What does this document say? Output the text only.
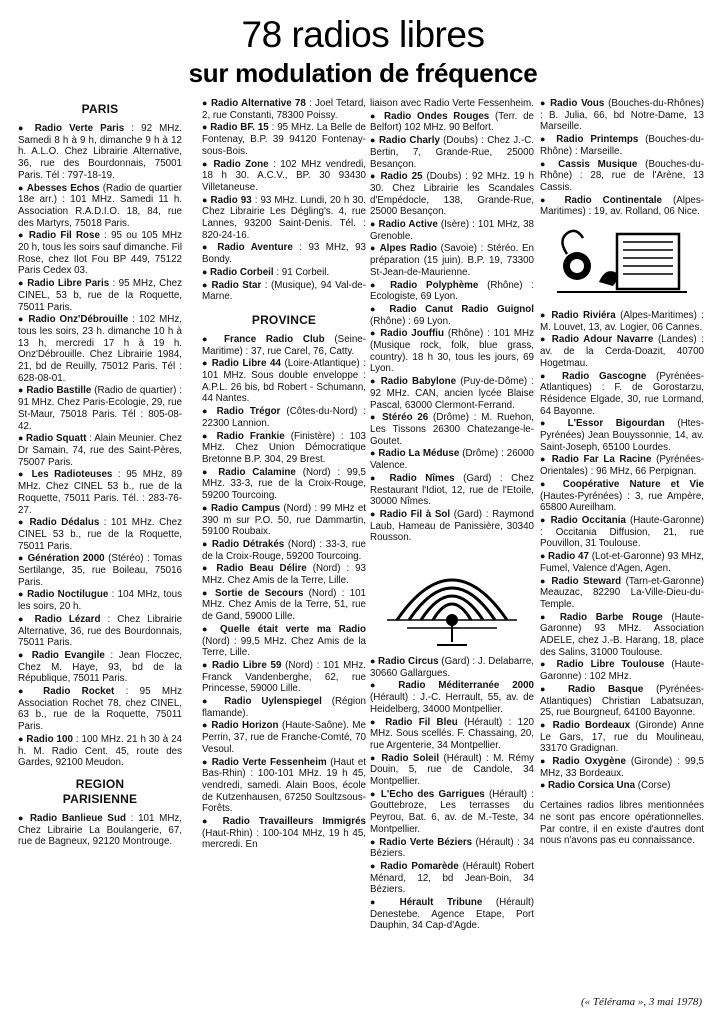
78 radios libres
sur modulation de fréquence
PARIS
● Radio Verte Paris : 92 MHz. Samedi 8 h à 9 h, dimanche 9 h à 12 h. A.L.O. Chez Librairie Alternative, 36, rue des Bourdonnais, 75001 Paris. Tél : 797-18-19.
● Abesses Echos (Radio de quartier 18e arr.) : 101 MHz. Samedi 11 h. Association R.A.D.I.O. 18, 84, rue des Martyrs, 75018 Paris.
● Radio Fil Rose : 95 ou 105 MHz 20 h, tous les soirs sauf dimanche. Fil Rose, chez Ilot Fou BP 449, 75122 Paris Cedex 03.
● Radio Libre Paris : 95 MHz, Chez CINEL, 53 b, rue de la Roquette, 75011 Paris.
● Radio Onz'Débrouille : 102 MHz, tous les soirs, 23 h. dimanche 10 h à 13 h, mercredi 17 h à 19 h. Onz'Débrouille. Chez Librairie 1984, 21, bd de Reuilly, 75012 Paris. Tél : 628-08-01.
● Radio Bastille (Radio de quartier) : 91 MHz. Chez Paris-Ecologie, 29, rue St-Maur, 75018 Paris. Tél : 805-08-42.
● Radio Squatt : Alain Meunier. Chez Dr Samain, 74, rue des Saint-Pères, 75007 Paris.
● Les Radioteuses : 95 MHz, 89 MHz. Chez CINEL 53 b., rue de la Roquette, 75011 Paris. Tél. : 283-76-27.
● Radio Dédalus : 101 MHz. Chez CINEL 53 b., rue de la Roquette, 75011 Paris.
● Génération 2000 (Stéréo) : Tomas Sertilange, 35, rue Boileau, 75016 Paris.
● Radio Noctilugue : 104 MHz, tous les soirs, 20 h.
● Radio Lézard : Chez Librairie Alternative, 36, rue des Bourdonnais, 75011 Paris.
● Radio Evangile : Jean Floczec, Chez M. Haye, 93, bd de la République, 75011 Paris.
● Radio Rocket : 95 MHz Association Rochet 78, chez CINEL, 63 b., rue de la Roquette, 75011 Paris.
● Radio 100 : 100 MHz. 21 h 30 à 24 h. M. Radio Cent. 45, route des Gardes, 92100 Meudon.
REGION
PARISIENNE
● Radio Banlieue Sud : 101 MHz, Chez Librairie La Boulangerie, 67, rue de Bagneux, 92120 Montrouge.
● Radio Alternative 78 : Joel Tetard, 2, rue Constanti, 78300 Poissy.
● Radio BF. 15 : 95 MHz. La Belle de Fontenay, B.P. 39 94120 Fontenay-sous-Bois.
● Radio Zone : 102 MHz vendredi, 18 h 30. A.C.V., BP. 30 93430 Villetaneuse.
● Radio 93 : 93 MHz. Lundi, 20 h 30. Chez Librairie Les Dégling's. 4, rue Lannes, 93200 Saint-Denis. Tél. : 820-24-16.
● Radio Aventure : 93 MHz, 93 Bondy.
● Radio Corbeil : 91 Corbeil.
● Radio Star : (Musique), 94 Val-de-Marne.
PROVINCE
● France Radio Club (Seine-Maritime) : 37, rue Carel, 76, Catty.
● Radio Libre 44 (Loire-Atlantique) : 101 MHz. Sous double enveloppe : A.P.L. 26 bis, bd Robert - Schumann, 44 Nantes.
● Radio Trégor (Côtes-du-Nord) : 22300 Lannion.
● Radio Frankie (Finistère) : 103 MHz. Chez Union Démocratique Bretonne B.P. 304, 29 Brest.
● Radio Calamine (Nord) : 99,5 MHz. 33-3, rue de la Croix-Rouge, 59200 Tourcoing.
● Radio Campus (Nord) : 99 MHz et 390 m sur P.O. 50, rue Dammartin, 59100 Roubaix.
● Radio Détrakés (Nord) : 33-3, rue de la Croix-Rouge, 59200 Tourcoing.
● Radio Beau Délire (Nord) : 93 MHz. Chez Amis de la Terre, Lille.
● Sortie de Secours (Nord) : 101 MHz. Chez Amis de la Terre, 51, rue de Gand, 59000 Lille.
● Quelle était verte ma Radio (Nord) : 99,5 MHz. Chez Amis de la Terre, Lille.
● Radio Libre 59 (Nord) : 101 MHz. Franck Vandenberghe, 62, rue Princesse, 59000 Lille.
● Radio Uylenspiegel (Région flamande).
● Radio Horizon (Haute-Saône). Me Perrin, 37, rue de Franche-Comté, 70 Vesoul.
● Radio Verte Fessenheim (Haut et Bas-Rhin) : 100-101 MHz. 19 h 45, vendredi, samedi. Alain Boos, école de Kutzenhausen, 67250 Soultzsous-Forêts.
● Radio Travailleurs Immigrés (Haut-Rhin) : 100-104 MHz, 19 h 45, mercredi. En
liaison avec Radio Verte Fessenheim.
● Radio Ondes Rouges (Terr. de Belfort) 102 MHz. 90 Belfort.
● Radio Charly (Doubs) : Chez J.-C. Bertin, 7, Grande-Rue, 25000 Besançon.
● Radio 25 (Doubs) : 92 MHz. 19 h 30. Chez Librairie les Scandales d'Empédocle, 138, Grande-Rue, 25000 Besançon.
● Radio Active (Isère) : 101 MHz, 38 Grenoble.
● Alpes Radio (Savoie) : Stéréo. En préparation (15 juin). B.P. 19, 73300 St-Jean-de-Maurienne.
● Radio Polyphème (Rhône) : Ecologiste, 69 Lyon.
● Radio Canut Radio Guignol (Rhône) : 69 Lyon.
● Radio Jouffiu (Rhône) : 101 MHz (Musique rock, folk, blue grass, country). 18 h 30, tous les jours, 69 Lyon.
● Radio Babylone (Puy-de-Dôme) : 92 MHz. CAN, ancien lycée Blaise Pascal, 63000 Clermont-Ferrand.
● Stéréo 26 (Drôme) : M. Ruehon, Les Tissons 26300 Chatezange-le-Goutet.
● Radio La Méduse (Drôme) : 26000 Valence.
● Radio Nîmes (Gard) : Chez Restaurant l'Idiot, 12, rue de l'Etoile, 30000 Nîmes.
● Radio Fil à Sol (Gard) : Raymond Laub, Hameau de Panissière, 30340 Rousson.
● Radio Circus (Gard) : J. Delabarre, 30660 Gallargues.
● Radio Méditerranée 2000 (Hérault) : J.-C. Herrault, 55, av. de Heidelberg, 34000 Montpellier.
● Radio Fil Bleu (Hérault) : 120 MHz. Sous scellés. F. Chassaing, 20, rue Argenterie, 34 Montpellier.
● Radio Soleil (Hérault) : M. Rémy Douin, 5, rue de Candole, 34 Montpellier.
● L'Echo des Garrigues (Hérault) : Gouttebroze, Les terrasses du Peyrou, Bat. 6, av. de M.-Teste, 34 Montpellier.
● Radio Verte Béziers (Hérault) : 34 Béziers.
● Radio Pomarède (Hérault) Robert Ménard, 12, bd Jean-Boin, 34 Béziers.
● Hérault Tribune (Hérault) Denestebe. Agence Etape, Port Dauphin, 34 Cap-d'Agde.
● Radio Vous (Bouches-du-Rhônes) : B. Julia, 66, bd Notre-Dame, 13 Marseille.
● Radio Printemps (Bouches-du-Rhône) : Marseille.
● Cassis Musique (Bouches-du-Rhône) : 28, rue de l'Arène, 13 Cassis.
● Radio Continentale (Alpes-Maritimes) : 19, av. Rolland, 06 Nice.
● Radio Riviéra (Alpes-Maritimes) : M. Louvet, 13, av. Logier, 06 Cannes.
● Radio Adour Navarre (Landes) : av. de la Cerda-Doazit, 40700 Hogetmau.
● Radio Gascogne (Pyrénées-Atlantiques) : F. de Gorostarzu, Résidence Elgade, 30, rue Lormand, 64 Bayonne.
● L'Essor Bigourdan (Htes-Pyrénées) Jean Bouyssonnie, 14, av. Saint-Joseph, 65100 Lourdes.
● Radio Far La Racine (Pyrénées-Orientales) : 96 MHz, 66 Perpignan.
● Coopérative Nature et Vie (Hautes-Pyrénées) : 3, rue Ampère, 65800 Aureilham.
● Radio Occitania (Haute-Garonne) : Occitania Diffusion, 21, rue Pouvillon, 31 Toulouse.
● Radio 47 (Lot-et-Garonne) 93 MHz, Fumel, Valence d'Agen, Agen.
● Radio Steward (Tarn-et-Garonne) Meauzac, 82290 La-Ville-Dieu-du-Temple.
● Radio Barbe Rouge (Haute-Garonne) 93 MHz. Association ADELE, chez J.-B. Harang, 18, place des Salins, 31000 Toulouse.
● Radio Libre Toulouse (Haute-Garonne) : 102 MHz.
● Radio Basque (Pyrénées-Atlantiques) Christian Labatsuzan, 25, rue Bourgneuf, 64100 Bayonne.
● Radio Bordeaux (Gironde) Anne Le Gars, 17, rue du Moulineau, 33170 Gradignan.
● Radio Oxygène (Gironde) : 99,5 MHz, 33 Bordeaux.
● Radio Corsica Una (Corse)
Certaines radios libres mentionnées ne sont pas encore opérationnelles. Par contre, il en existe d'autres dont nous n'avons pas eu connaissance.
(« Télérama », 3 mai 1978)
